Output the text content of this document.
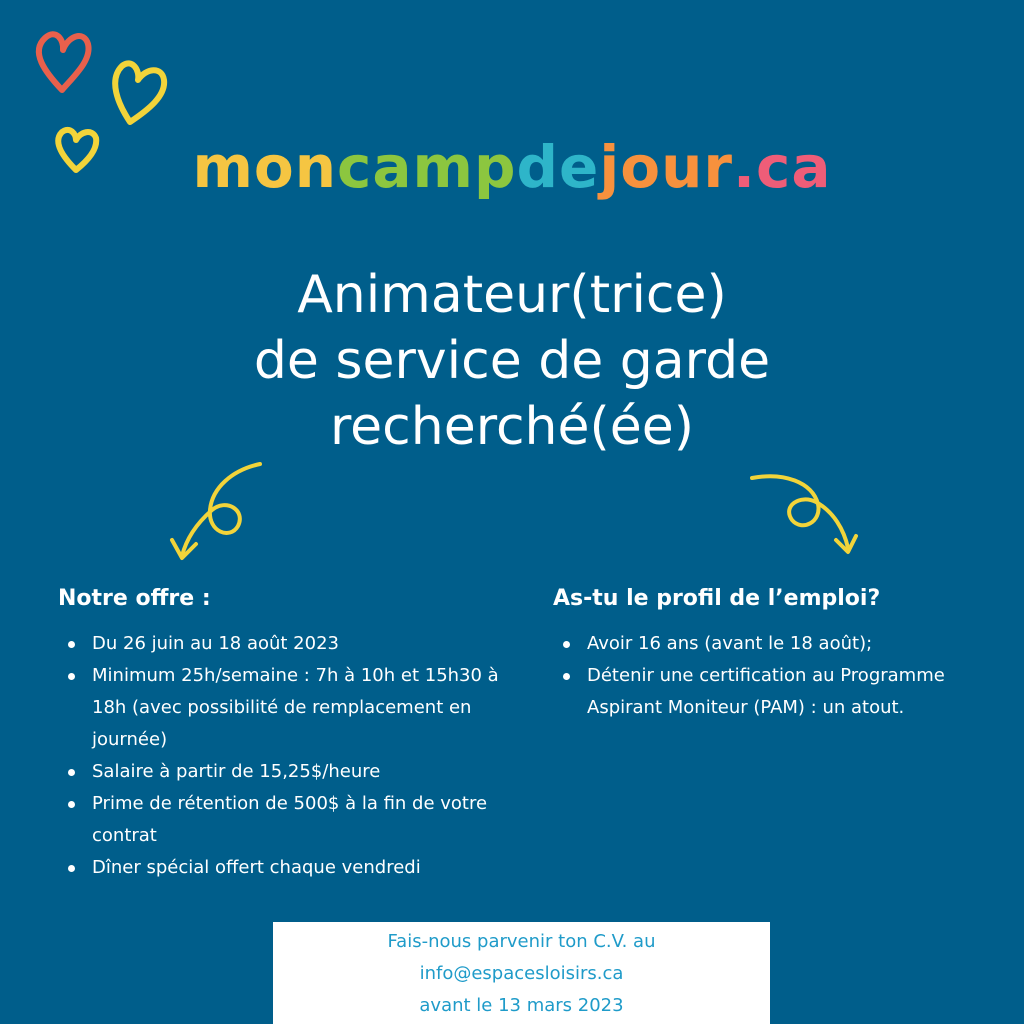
moncampdejour.ca
Animateur(trice)
de service de garde
recherché(ée)
Notre offre :
Du 26 juin au 18 août 2023
Minimum 25h/semaine : 7h à 10h et 15h30 à 18h (avec possibilité de remplacement en journée)
Salaire à partir de 15,25$/heure
Prime de rétention de 500$ à la fin de votre contrat
Dîner spécial offert chaque vendredi
As-tu le profil de l’emploi?
Avoir 16 ans (avant le 18 août);
Détenir une certification au Programme Aspirant Moniteur (PAM) : un atout.
Fais-nous parvenir ton C.V. au
info@espacesloisirs.ca
avant le 13 mars 2023
